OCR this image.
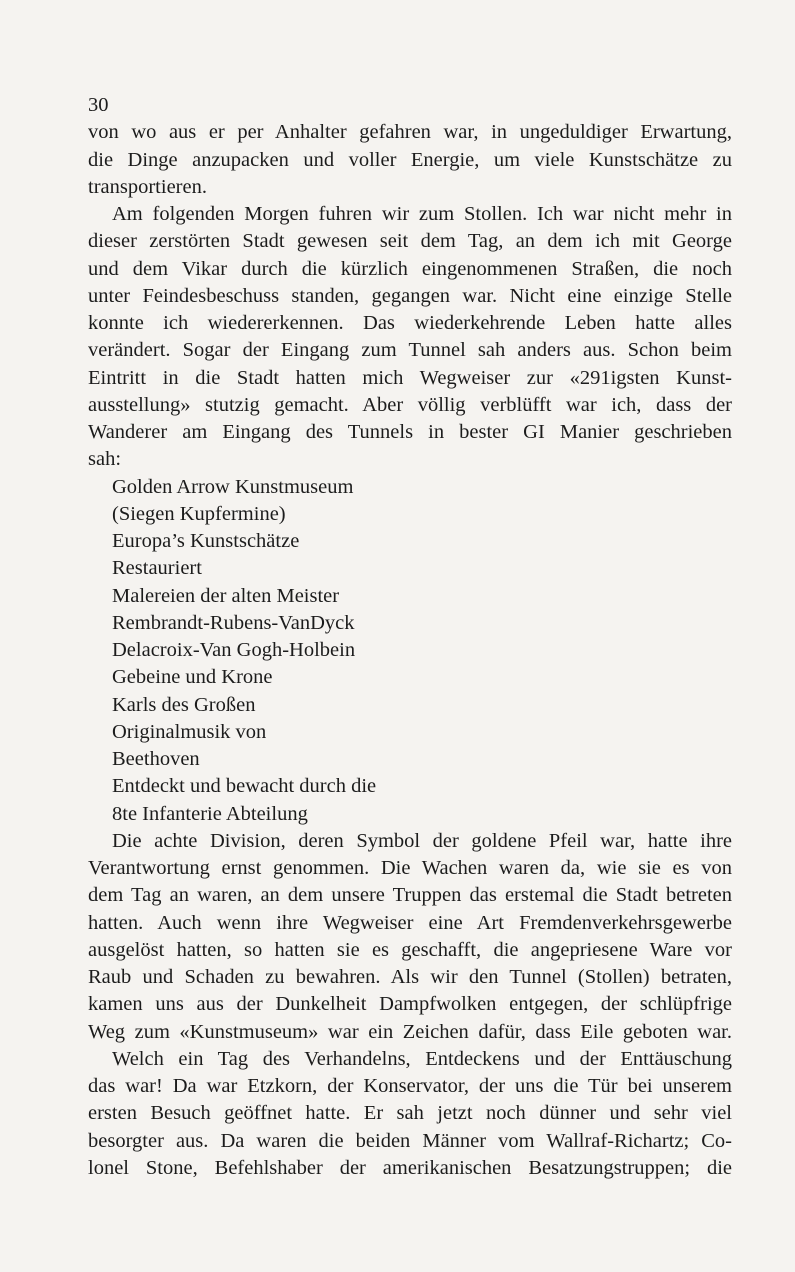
30
von wo aus er per Anhalter gefahren war, in ungeduldiger Erwartung,
die Dinge anzupacken und voller Energie, um viele Kunstschätze zu
transportieren.
Am folgenden Morgen fuhren wir zum Stollen. Ich war nicht mehr in
dieser zerstörten Stadt gewesen seit dem Tag, an dem ich mit George
und dem Vikar durch die kürzlich eingenommenen Straßen, die noch
unter Feindesbeschuss standen, gegangen war. Nicht eine einzige Stelle
konnte ich wiedererkennen. Das wiederkehrende Leben hatte alles
verändert. Sogar der Eingang zum Tunnel sah anders aus. Schon beim
Eintritt in die Stadt hatten mich Wegweiser zur «291igsten Kunst-
ausstellung» stutzig gemacht. Aber völlig verblüfft war ich, dass der
Wanderer am Eingang des Tunnels in bester GI Manier geschrieben
sah:
Golden Arrow Kunstmuseum
(Siegen Kupfermine)
Europa’s Kunstschätze
Restauriert
Malereien der alten Meister
Rembrandt-Rubens-VanDyck
Delacroix-Van Gogh-Holbein
Gebeine und Krone
Karls des Großen
Originalmusik von
Beethoven
Entdeckt und bewacht durch die
8te Infanterie Abteilung
Die achte Division, deren Symbol der goldene Pfeil war, hatte ihre
Verantwortung ernst genommen. Die Wachen waren da, wie sie es von
dem Tag an waren, an dem unsere Truppen das erstemal die Stadt betreten
hatten. Auch wenn ihre Wegweiser eine Art Fremdenverkehrsgewerbe
ausgelöst hatten, so hatten sie es geschafft, die angepriesene Ware vor
Raub und Schaden zu bewahren. Als wir den Tunnel (Stollen) betraten,
kamen uns aus der Dunkelheit Dampfwolken entgegen, der schlüpfrige
Weg zum «Kunstmuseum» war ein Zeichen dafür, dass Eile geboten war.
Welch ein Tag des Verhandelns, Entdeckens und der Enttäuschung
das war! Da war Etzkorn, der Konservator, der uns die Tür bei unserem
ersten Besuch geöffnet hatte. Er sah jetzt noch dünner und sehr viel
besorgter aus. Da waren die beiden Männer vom Wallraf-Richartz; Co-
lonel Stone, Befehlshaber der amerikanischen Besatzungstruppen; die
